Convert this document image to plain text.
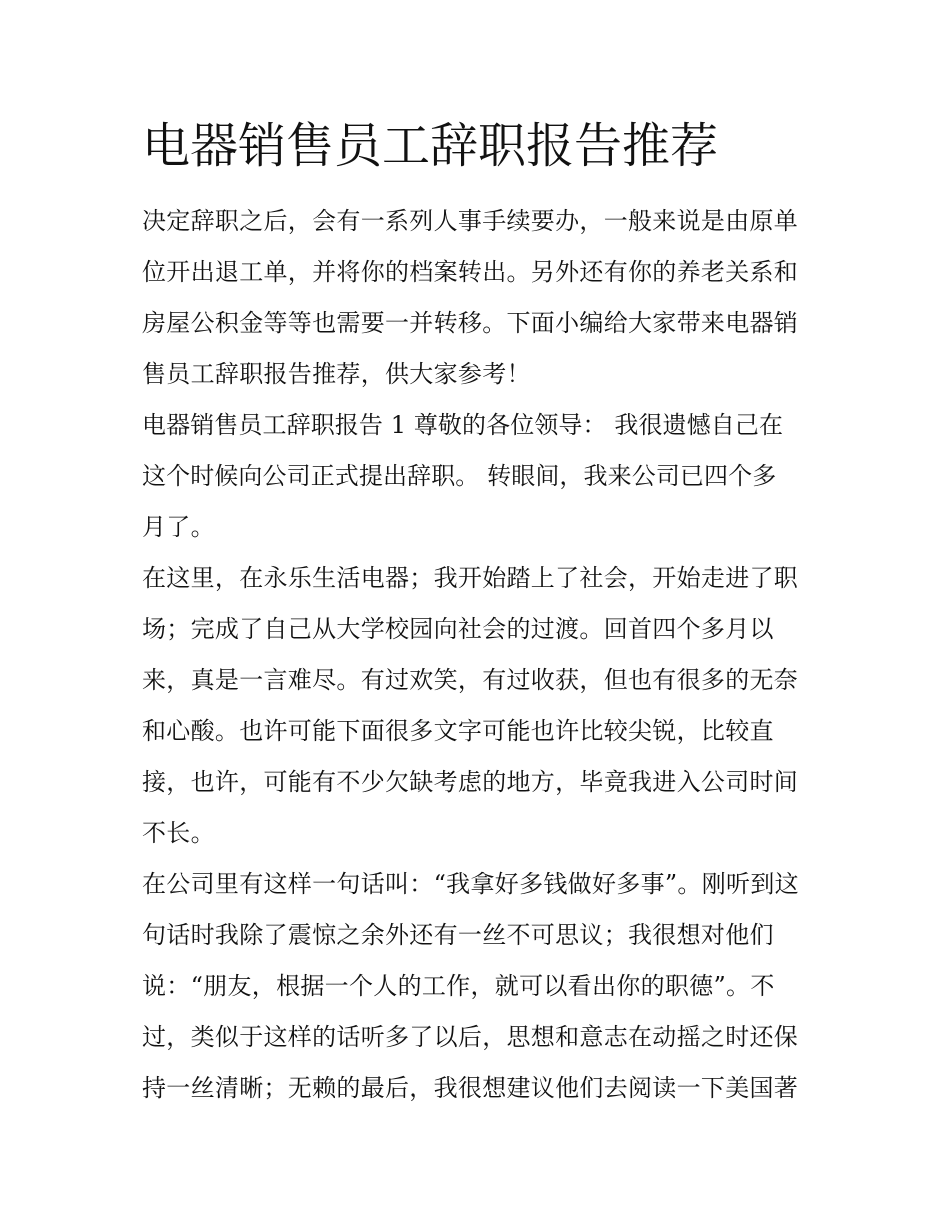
电器销售员工辞职报告推荐
决定辞职之后，会有一系列人事手续要办，一般来说是由原单
位开出退工单，并将你的档案转出。另外还有你的养老关系和
房屋公积金等等也需要一并转移。下面小编给大家带来电器销
售员工辞职报告推荐，供大家参考！
电器销售员工辞职报告 1 尊敬的各位领导： 我很遗憾自己在
这个时候向公司正式提出辞职。 转眼间，我来公司已四个多
月了。
在这里，在永乐生活电器；我开始踏上了社会，开始走进了职
场；完成了自己从大学校园向社会的过渡。回首四个多月以
来，真是一言难尽。有过欢笑，有过收获，但也有很多的无奈
和心酸。也许可能下面很多文字可能也许比较尖锐，比较直
接，也许，可能有不少欠缺考虑的地方，毕竟我进入公司时间
不长。
在公司里有这样一句话叫：“我拿好多钱做好多事”。刚听到这
句话时我除了震惊之余外还有一丝不可思议；我很想对他们
说：“朋友，根据一个人的工作，就可以看出你的职德”。不
过，类似于这样的话听多了以后，思想和意志在动摇之时还保
持一丝清晰；无赖的最后，我很想建议他们去阅读一下美国著
